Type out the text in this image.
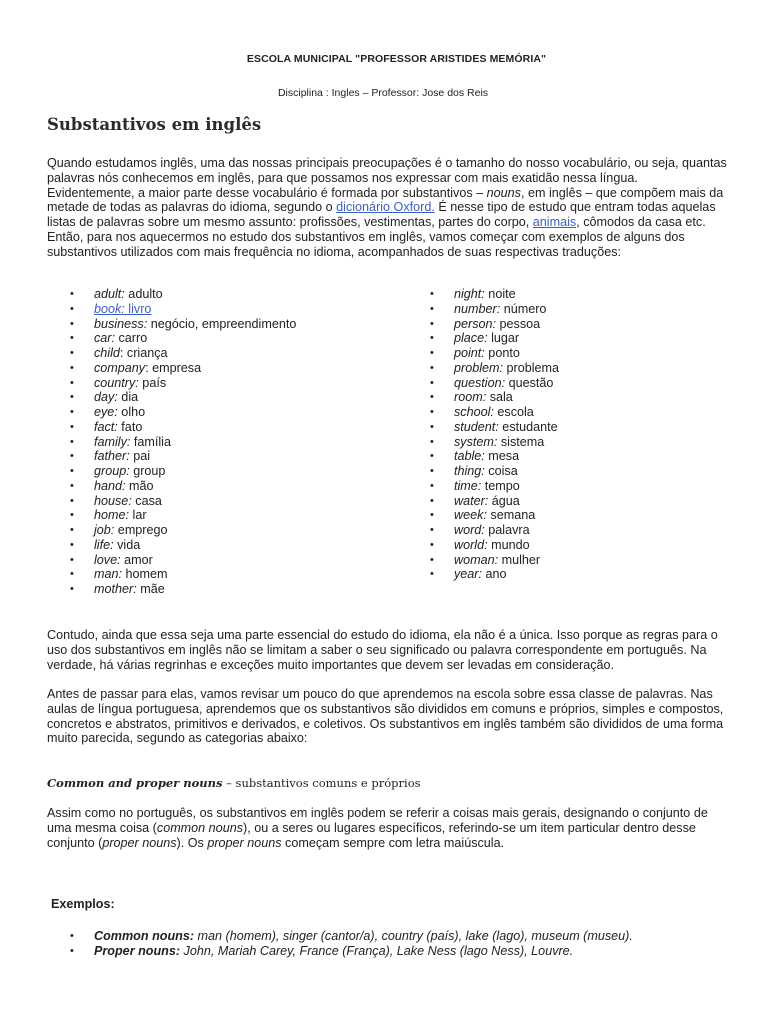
ESCOLA MUNICIPAL "PROFESSOR ARISTIDES MEMÓRIA"
Disciplina : Ingles – Professor: Jose dos Reis
Substantivos em inglês

Quando estudamos inglês, uma das nossas principais preocupações é o tamanho do nosso vocabulário, ou seja, quantas palavras nós conhecemos em inglês, para que possamos nos expressar com mais exatidão nessa língua. Evidentemente, a maior parte desse vocabulário é formada por substantivos – nouns, em inglês – que compõem mais da metade de todas as palavras do idioma, segundo o dicionário Oxford. É nesse tipo de estudo que entram todas aquelas listas de palavras sobre um mesmo assunto: profissões, vestimentas, partes do corpo, animais, cômodos da casa etc. Então, para nos aquecermos no estudo dos substantivos em inglês, vamos começar com exemplos de alguns dos substantivos utilizados com mais frequência no idioma, acompanhados de suas respectivas traduções:

• adult: adulto
• book: livro
• business: negócio, empreendimento
• car: carro
• child: criança
• company: empresa
• country: país
• day: dia
• eye: olho
• fact: fato
• family: família
• father: pai
• group: group
• hand: mão
• house: casa
• home: lar
• job: emprego
• life: vida
• love: amor
• man: homem
• mother: mãe
• night: noite
• number: número
• person: pessoa
• place: lugar
• point: ponto
• problem: problema
• question: questão
• room: sala
• school: escola
• student: estudante
• system: sistema
• table: mesa
• thing: coisa
• time: tempo
• water: água
• week: semana
• word: palavra
• world: mundo
• woman: mulher
• year: ano

Contudo, ainda que essa seja uma parte essencial do estudo do idioma, ela não é a única. Isso porque as regras para o uso dos substantivos em inglês não se limitam a saber o seu significado ou palavra correspondente em português. Na verdade, há várias regrinhas e exceções muito importantes que devem ser levadas em consideração.

Antes de passar para elas, vamos revisar um pouco do que aprendemos na escola sobre essa classe de palavras. Nas aulas de língua portuguesa, aprendemos que os substantivos são divididos em comuns e próprios, simples e compostos, concretos e abstratos, primitivos e derivados, e coletivos. Os substantivos em inglês também são divididos de uma forma muito parecida, segundo as categorias abaixo:

Common and proper nouns – substantivos comuns e próprios

Assim como no português, os substantivos em inglês podem se referir a coisas mais gerais, designando o conjunto de uma mesma coisa (common nouns), ou a seres ou lugares específicos, referindo-se um item particular dentro desse conjunto (proper nouns). Os proper nouns começam sempre com letra maiúscula.

Exemplos:

• Common nouns: man (homem), singer (cantor/a), country (país), lake (lago), museum (museu).
• Proper nouns: John, Mariah Carey, France (França), Lake Ness (lago Ness), Louvre.
